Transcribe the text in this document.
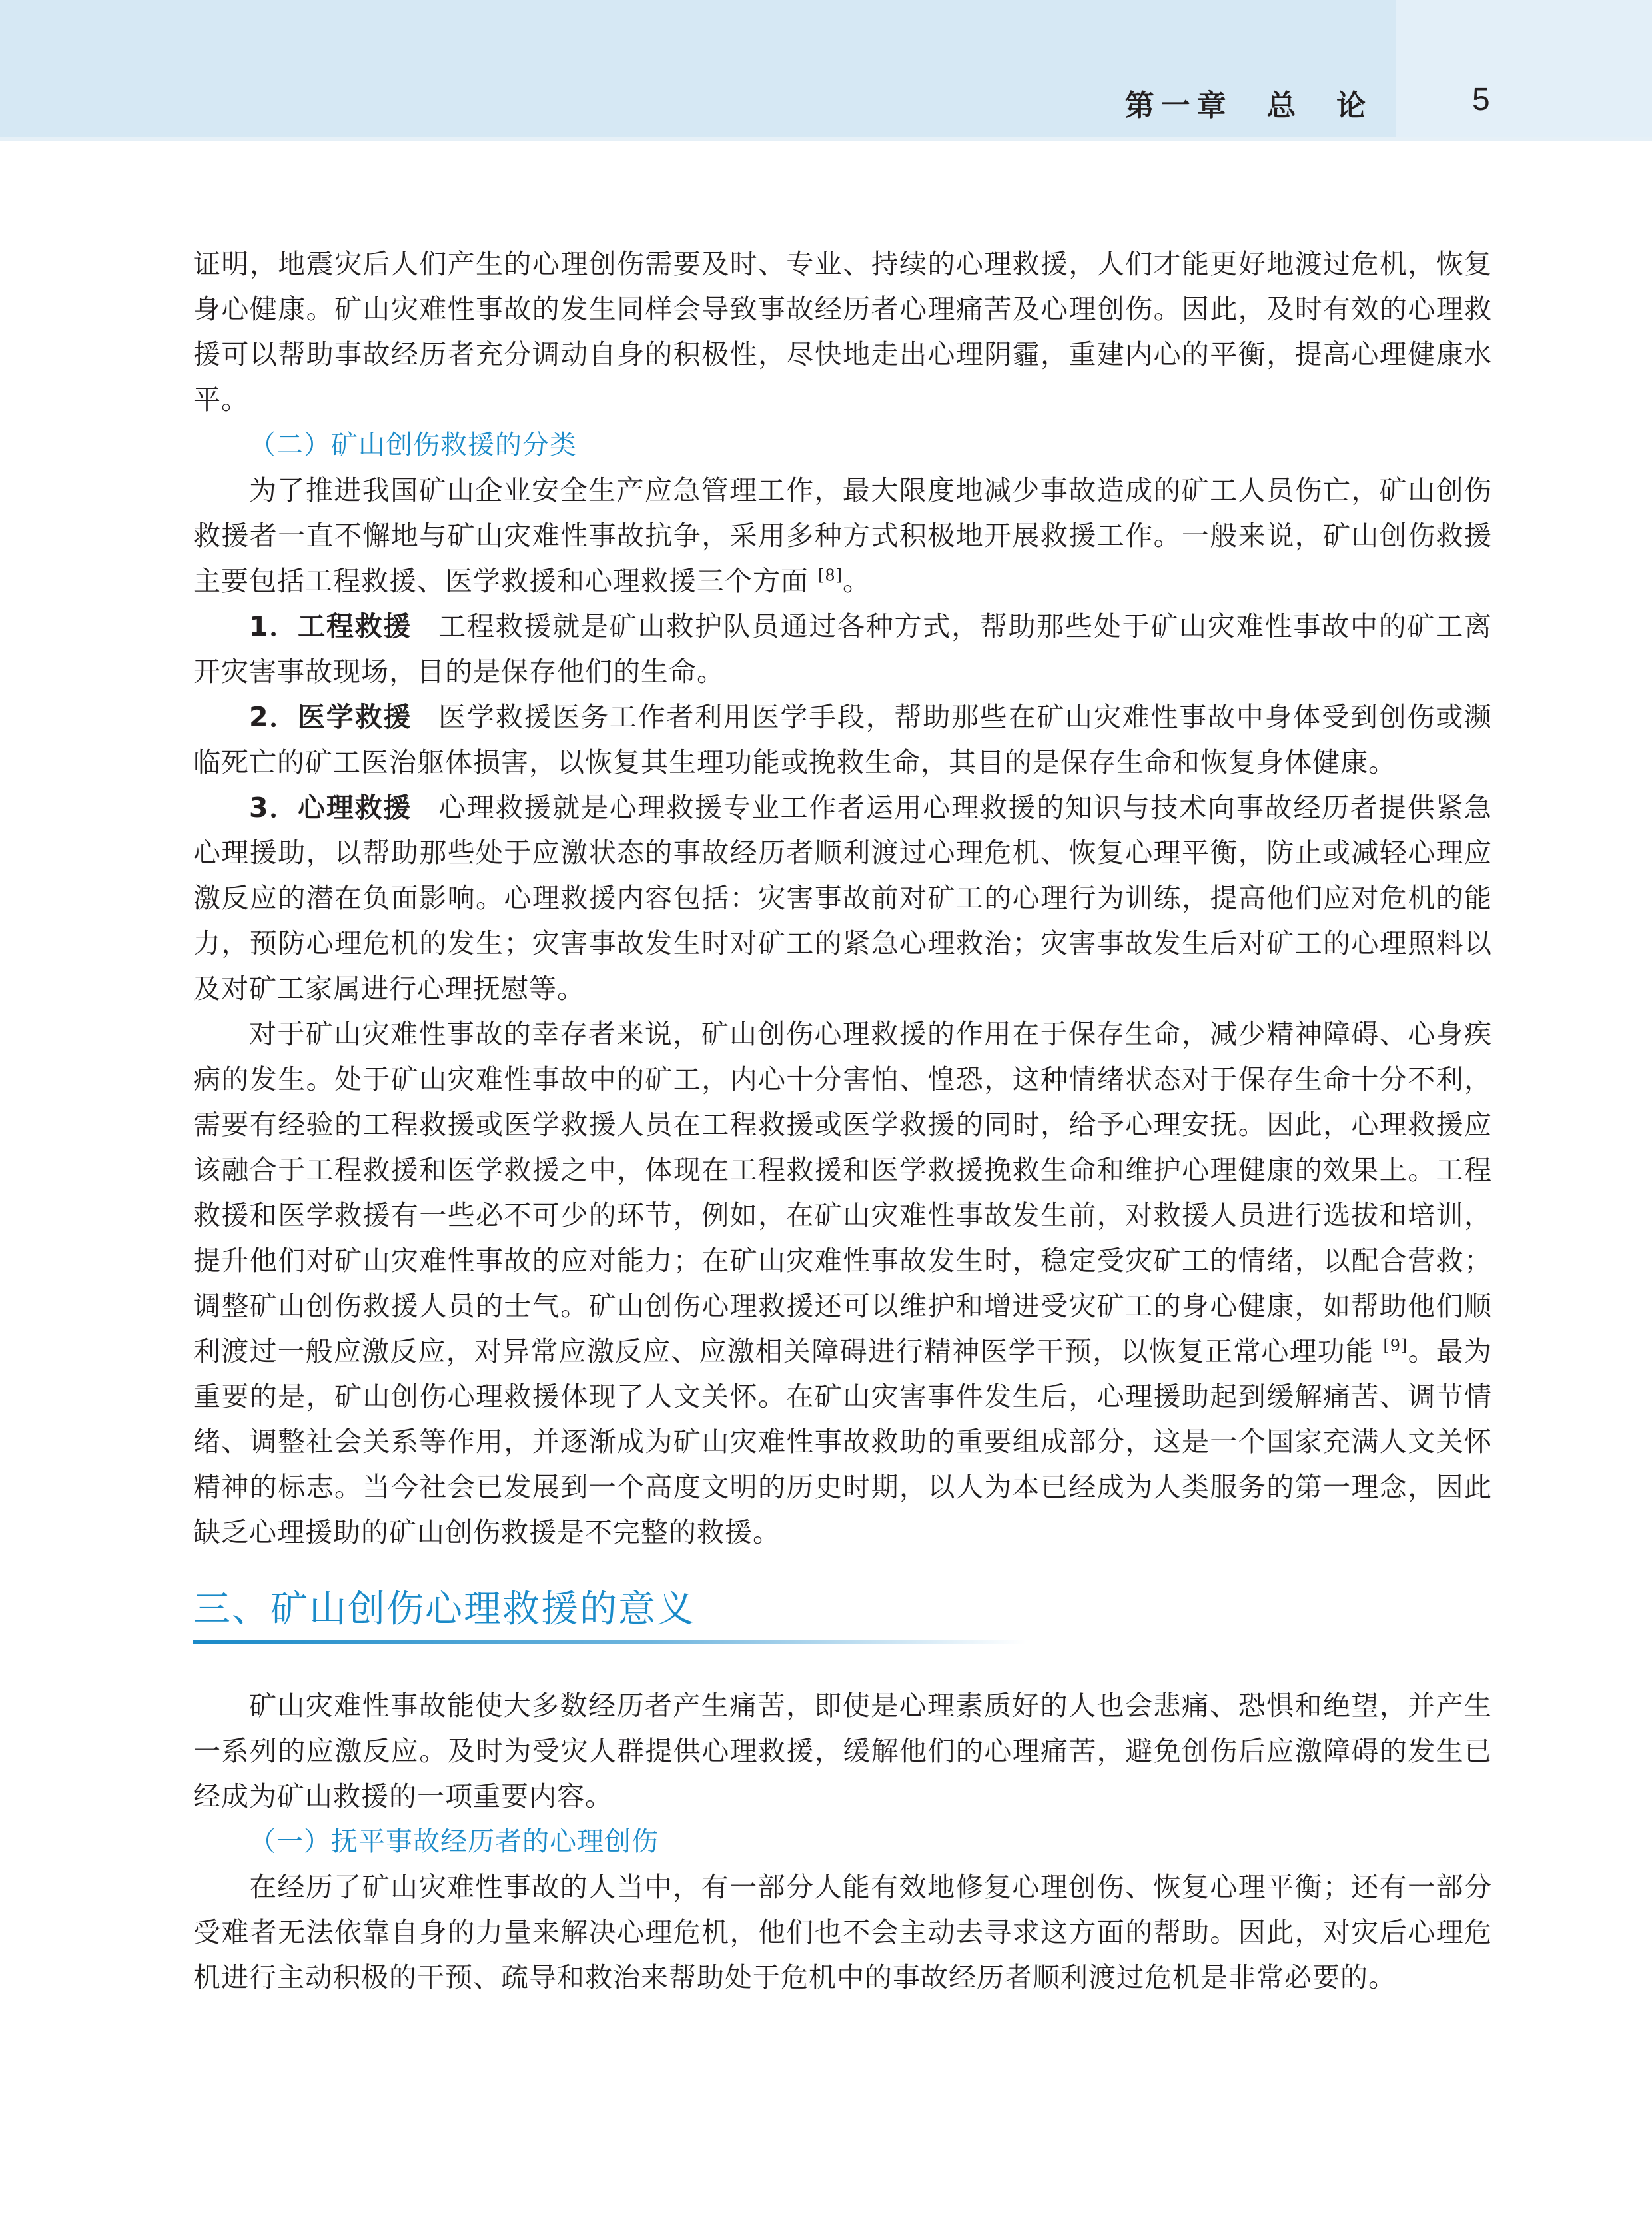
第一章  总  论	5

证明，地震灾后人们产生的心理创伤需要及时、专业、持续的心理救援，人们才能更好地渡过危机，恢复身心健康。矿山灾难性事故的发生同样会导致事故经历者心理痛苦及心理创伤。因此，及时有效的心理救援可以帮助事故经历者充分调动自身的积极性，尽快地走出心理阴霾，重建内心的平衡，提高心理健康水平。

（二）矿山创伤救援的分类

为了推进我国矿山企业安全生产应急管理工作，最大限度地减少事故造成的矿工人员伤亡，矿山创伤救援者一直不懈地与矿山灾难性事故抗争，采用多种方式积极地开展救援工作。一般来说，矿山创伤救援主要包括工程救援、医学救援和心理救援三个方面 [8]。

1．工程救援 工程救援就是矿山救护队员通过各种方式，帮助那些处于矿山灾难性事故中的矿工离开灾害事故现场，目的是保存他们的生命。

2．医学救援 医学救援医务工作者利用医学手段，帮助那些在矿山灾难性事故中身体受到创伤或濒临死亡的矿工医治躯体损害，以恢复其生理功能或挽救生命，其目的是保存生命和恢复身体健康。

3．心理救援 心理救援就是心理救援专业工作者运用心理救援的知识与技术向事故经历者提供紧急心理援助，以帮助那些处于应激状态的事故经历者顺利渡过心理危机、恢复心理平衡，防止或减轻心理应激反应的潜在负面影响。心理救援内容包括：灾害事故前对矿工的心理行为训练，提高他们应对危机的能力，预防心理危机的发生；灾害事故发生时对矿工的紧急心理救治；灾害事故发生后对矿工的心理照料以及对矿工家属进行心理抚慰等。

对于矿山灾难性事故的幸存者来说，矿山创伤心理救援的作用在于保存生命，减少精神障碍、心身疾病的发生。处于矿山灾难性事故中的矿工，内心十分害怕、惶恐，这种情绪状态对于保存生命十分不利，需要有经验的工程救援或医学救援人员在工程救援或医学救援的同时，给予心理安抚。因此，心理救援应该融合于工程救援和医学救援之中，体现在工程救援和医学救援挽救生命和维护心理健康的效果上。工程救援和医学救援有一些必不可少的环节，例如，在矿山灾难性事故发生前，对救援人员进行选拔和培训，提升他们对矿山灾难性事故的应对能力；在矿山灾难性事故发生时，稳定受灾矿工的情绪，以配合营救；调整矿山创伤救援人员的士气。矿山创伤心理救援还可以维护和增进受灾矿工的身心健康，如帮助他们顺利渡过一般应激反应，对异常应激反应、应激相关障碍进行精神医学干预，以恢复正常心理功能 [9]。最为重要的是，矿山创伤心理救援体现了人文关怀。在矿山灾害事件发生后，心理援助起到缓解痛苦、调节情绪、调整社会关系等作用，并逐渐成为矿山灾难性事故救助的重要组成部分，这是一个国家充满人文关怀精神的标志。当今社会已发展到一个高度文明的历史时期，以人为本已经成为人类服务的第一理念，因此缺乏心理援助的矿山创伤救援是不完整的救援。

三、矿山创伤心理救援的意义

矿山灾难性事故能使大多数经历者产生痛苦，即使是心理素质好的人也会悲痛、恐惧和绝望，并产生一系列的应激反应。及时为受灾人群提供心理救援，缓解他们的心理痛苦，避免创伤后应激障碍的发生已经成为矿山救援的一项重要内容。

（一）抚平事故经历者的心理创伤

在经历了矿山灾难性事故的人当中，有一部分人能有效地修复心理创伤、恢复心理平衡；还有一部分受难者无法依靠自身的力量来解决心理危机，他们也不会主动去寻求这方面的帮助。因此，对灾后心理危机进行主动积极的干预、疏导和救治来帮助处于危机中的事故经历者顺利渡过危机是非常必要的。
